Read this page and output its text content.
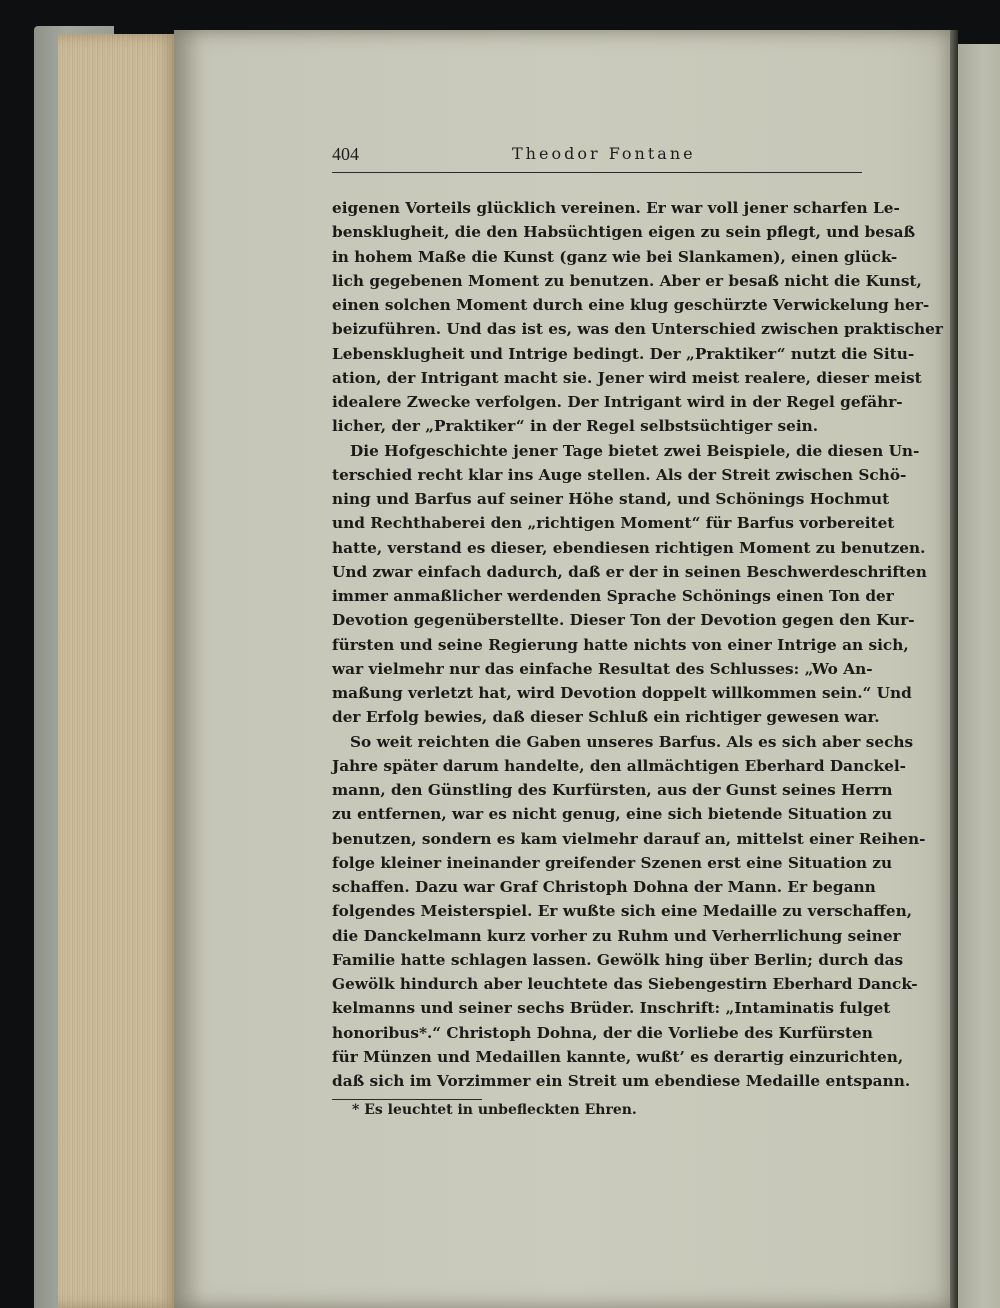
404	Theodor Fontane
eigenen Vorteils glücklich vereinen. Er war voll jener scharfen Le-
bensklugheit, die den Habsüchtigen eigen zu sein pflegt, und besaß
in hohem Maße die Kunst (ganz wie bei Slankamen), einen glück-
lich gegebenen Moment zu benutzen. Aber er besaß nicht die Kunst,
einen solchen Moment durch eine klug geschürzte Verwickelung her-
beizuführen. Und das ist es, was den Unterschied zwischen praktischer
Lebensklugheit und Intrige bedingt. Der „Praktiker“ nutzt die Situ-
ation, der Intrigant macht sie. Jener wird meist realere, dieser meist
idealere Zwecke verfolgen. Der Intrigant wird in der Regel gefähr-
licher, der „Praktiker“ in der Regel selbstsüchtiger sein.
Die Hofgeschichte jener Tage bietet zwei Beispiele, die diesen Un-
terschied recht klar ins Auge stellen. Als der Streit zwischen Schö-
ning und Barfus auf seiner Höhe stand, und Schönings Hochmut
und Rechthaberei den „richtigen Moment“ für Barfus vorbereitet
hatte, verstand es dieser, ebendiesen richtigen Moment zu benutzen.
Und zwar einfach dadurch, daß er der in seinen Beschwerdeschriften
immer anmaßlicher werdenden Sprache Schönings einen Ton der
Devotion gegenüberstellte. Dieser Ton der Devotion gegen den Kur-
fürsten und seine Regierung hatte nichts von einer Intrige an sich,
war vielmehr nur das einfache Resultat des Schlusses: „Wo An-
maßung verletzt hat, wird Devotion doppelt willkommen sein.“ Und
der Erfolg bewies, daß dieser Schluß ein richtiger gewesen war.
So weit reichten die Gaben unseres Barfus. Als es sich aber sechs
Jahre später darum handelte, den allmächtigen Eberhard Danckel-
mann, den Günstling des Kurfürsten, aus der Gunst seines Herrn
zu entfernen, war es nicht genug, eine sich bietende Situation zu
benutzen, sondern es kam vielmehr darauf an, mittelst einer Reihen-
folge kleiner ineinander greifender Szenen erst eine Situation zu
schaffen. Dazu war Graf Christoph Dohna der Mann. Er begann
folgendes Meisterspiel. Er wußte sich eine Medaille zu verschaffen,
die Danckelmann kurz vorher zu Ruhm und Verherrlichung seiner
Familie hatte schlagen lassen. Gewölk hing über Berlin; durch das
Gewölk hindurch aber leuchtete das Siebengestirn Eberhard Danck-
kelmanns und seiner sechs Brüder. Inschrift: „Intaminatis fulget
honoribus*.“ Christoph Dohna, der die Vorliebe des Kurfürsten
für Münzen und Medaillen kannte, wußt’ es derartig einzurichten,
daß sich im Vorzimmer ein Streit um ebendiese Medaille entspann.
* Es leuchtet in unbefleckten Ehren.
